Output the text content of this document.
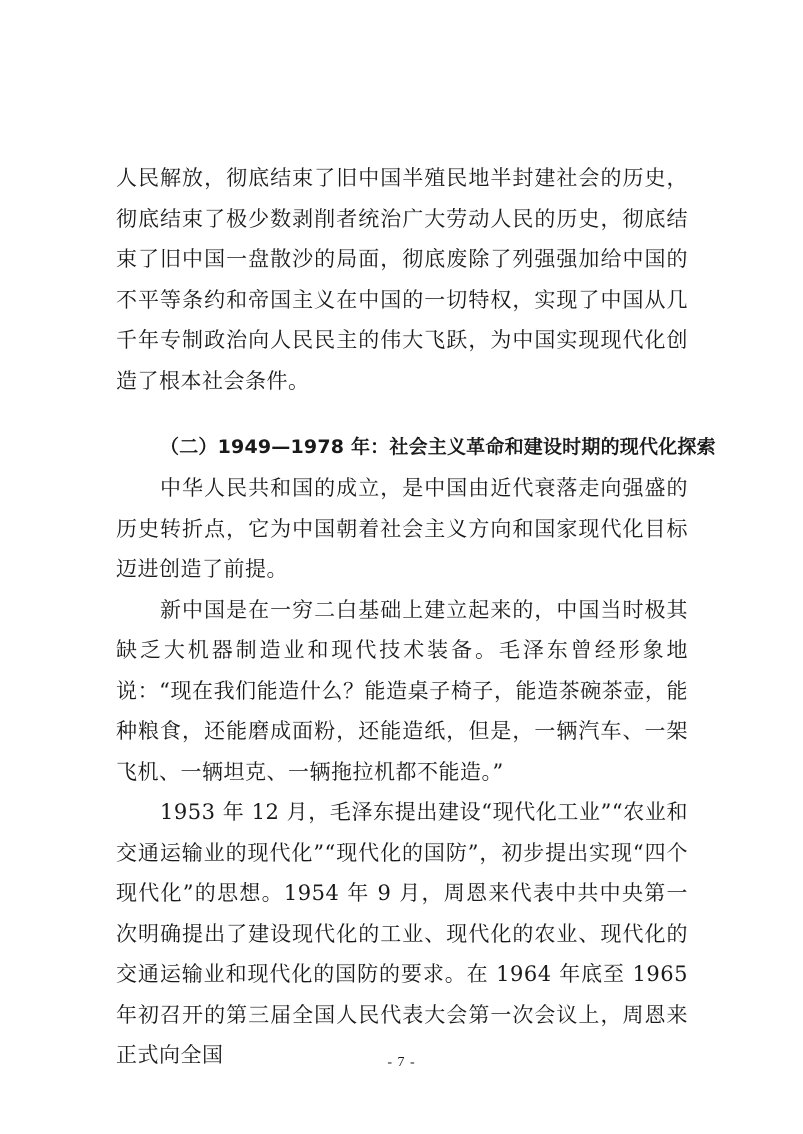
人民解放，彻底结束了旧中国半殖民地半封建社会的历史，彻底结束了极少数剥削者统治广大劳动人民的历史，彻底结束了旧中国一盘散沙的局面，彻底废除了列强强加给中国的不平等条约和帝国主义在中国的一切特权，实现了中国从几千年专制政治向人民民主的伟大飞跃，为中国实现现代化创造了根本社会条件。

（二）1949—1978 年：社会主义革命和建设时期的现代化探索

中华人民共和国的成立，是中国由近代衰落走向强盛的历史转折点，它为中国朝着社会主义方向和国家现代化目标迈进创造了前提。

新中国是在一穷二白基础上建立起来的，中国当时极其缺乏大机器制造业和现代技术装备。毛泽东曾经形象地说：“现在我们能造什么？能造桌子椅子，能造茶碗茶壶，能种粮食，还能磨成面粉，还能造纸，但是，一辆汽车、一架飞机、一辆坦克、一辆拖拉机都不能造。”

1953 年 12 月，毛泽东提出建设“现代化工业”“农业和交通运输业的现代化”“现代化的国防”，初步提出实现“四个现代化”的思想。1954 年 9 月，周恩来代表中共中央第一次明确提出了建设现代化的工业、现代化的农业、现代化的交通运输业和现代化的国防的要求。在 1964 年底至 1965 年初召开的第三届全国人民代表大会第一次会议上，周恩来正式向全国	- 7 -
